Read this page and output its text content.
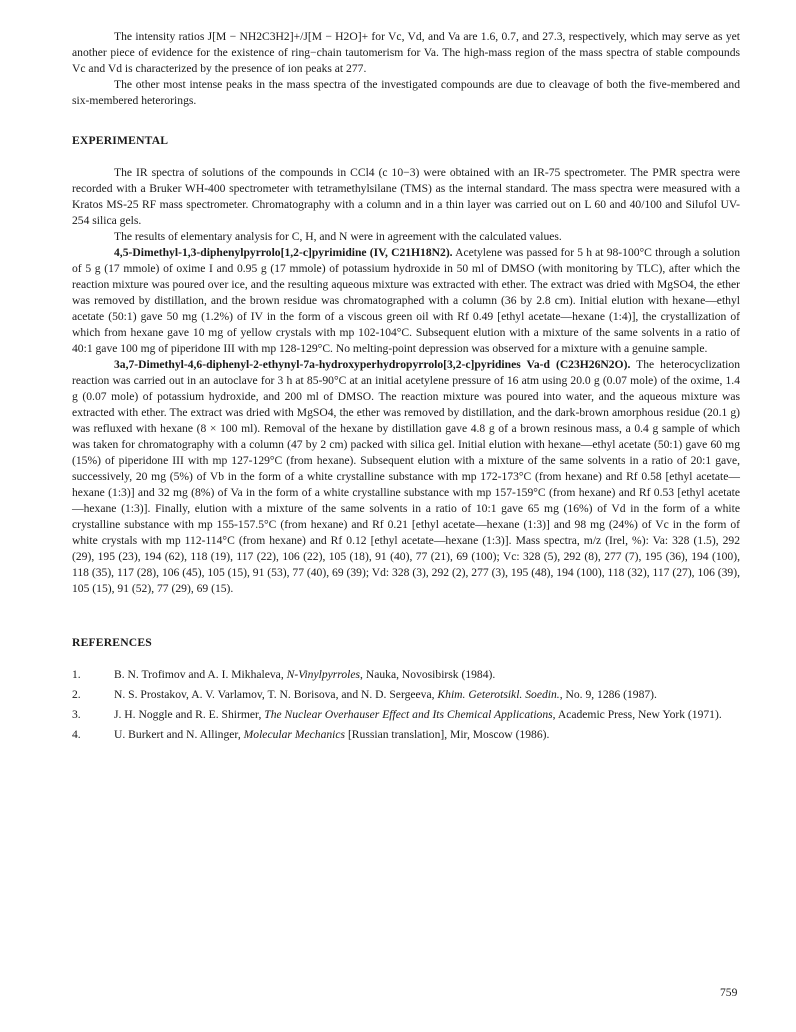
The intensity ratios J[M − NH2C3H2]+/J[M − H2O]+ for Vc, Vd, and Va are 1.6, 0.7, and 27.3, respectively, which may serve as yet another piece of evidence for the existence of ring−chain tautomerism for Va. The high-mass region of the mass spectra of stable compounds Vc and Vd is characterized by the presence of ion peaks at 277.

The other most intense peaks in the mass spectra of the investigated compounds are due to cleavage of both the five-membered and six-membered heterorings.

EXPERIMENTAL

The IR spectra of solutions of the compounds in CCl4 (c 10−3) were obtained with an IR-75 spectrometer. The PMR spectra were recorded with a Bruker WH-400 spectrometer with tetramethylsilane (TMS) as the internal standard. The mass spectra were measured with a Kratos MS-25 RF mass spectrometer. Chromatography with a column and in a thin layer was carried out on L 60 and 40/100 and Silufol UV-254 silica gels.

The results of elementary analysis for C, H, and N were in agreement with the calculated values.

4,5-Dimethyl-1,3-diphenylpyrrolo[1,2-c]pyrimidine (IV, C21H18N2). Acetylene was passed for 5 h at 98-100°C through a solution of 5 g (17 mmole) of oxime I and 0.95 g (17 mmole) of potassium hydroxide in 50 ml of DMSO (with monitoring by TLC), after which the reaction mixture was poured over ice, and the resulting aqueous mixture was extracted with ether. The extract was dried with MgSO4, the ether was removed by distillation, and the brown residue was chromatographed with a column (36 by 2.8 cm). Initial elution with hexane—ethyl acetate (50:1) gave 50 mg (1.2%) of IV in the form of a viscous green oil with Rf 0.49 [ethyl acetate—hexane (1:4)], the crystallization of which from hexane gave 10 mg of yellow crystals with mp 102-104°C. Subsequent elution with a mixture of the same solvents in a ratio of 40:1 gave 100 mg of piperidone III with mp 128-129°C. No melting-point depression was observed for a mixture with a genuine sample.

3a,7-Dimethyl-4,6-diphenyl-2-ethynyl-7a-hydroxyperhydropyrrolo[3,2-c]pyridines Va-d (C23H26N2O). The heterocyclization reaction was carried out in an autoclave for 3 h at 85-90°C at an initial acetylene pressure of 16 atm using 20.0 g (0.07 mole) of the oxime, 1.4 g (0.07 mole) of potassium hydroxide, and 200 ml of DMSO. The reaction mixture was poured into water, and the aqueous mixture was extracted with ether. The extract was dried with MgSO4, the ether was removed by distillation, and the dark-brown amorphous residue (20.1 g) was refluxed with hexane (8 × 100 ml). Removal of the hexane by distillation gave 4.8 g of a brown resinous mass, a 0.4 g sample of which was taken for chromatography with a column (47 by 2 cm) packed with silica gel. Initial elution with hexane—ethyl acetate (50:1) gave 60 mg (15%) of piperidone III with mp 127-129°C (from hexane). Subsequent elution with a mixture of the same solvents in a ratio of 20:1 gave, successively, 20 mg (5%) of Vb in the form of a white crystalline substance with mp 172-173°C (from hexane) and Rf 0.58 [ethyl acetate—hexane (1:3)] and 32 mg (8%) of Va in the form of a white crystalline substance with mp 157-159°C (from hexane) and Rf 0.53 [ethyl acetate—hexane (1:3)]. Finally, elution with a mixture of the same solvents in a ratio of 10:1 gave 65 mg (16%) of Vd in the form of a white crystalline substance with mp 155-157.5°C (from hexane) and Rf 0.21 [ethyl acetate—hexane (1:3)] and 98 mg (24%) of Vc in the form of white crystals with mp 112-114°C (from hexane) and Rf 0.12 [ethyl acetate—hexane (1:3)]. Mass spectra, m/z (Irel, %): Va: 328 (1.5), 292 (29), 195 (23), 194 (62), 118 (19), 117 (22), 106 (22), 105 (18), 91 (40), 77 (21), 69 (100); Vc: 328 (5), 292 (8), 277 (7), 195 (36), 194 (100), 118 (35), 117 (28), 106 (45), 105 (15), 91 (53), 77 (40), 69 (39); Vd: 328 (3), 292 (2), 277 (3), 195 (48), 194 (100), 118 (32), 117 (27), 106 (39), 105 (15), 91 (52), 77 (29), 69 (15).

REFERENCES
1.	B. N. Trofimov and A. I. Mikhaleva, N-Vinylpyrroles, Nauka, Novosibirsk (1984).
2.	N. S. Prostakov, A. V. Varlamov, T. N. Borisova, and N. D. Sergeeva, Khim. Geterotsikl. Soedin., No. 9, 1286 (1987).
3.	J. H. Noggle and R. E. Shirmer, The Nuclear Overhauser Effect and Its Chemical Applications, Academic Press, New York (1971).
4.	U. Burkert and N. Allinger, Molecular Mechanics [Russian translation], Mir, Moscow (1986).
759
